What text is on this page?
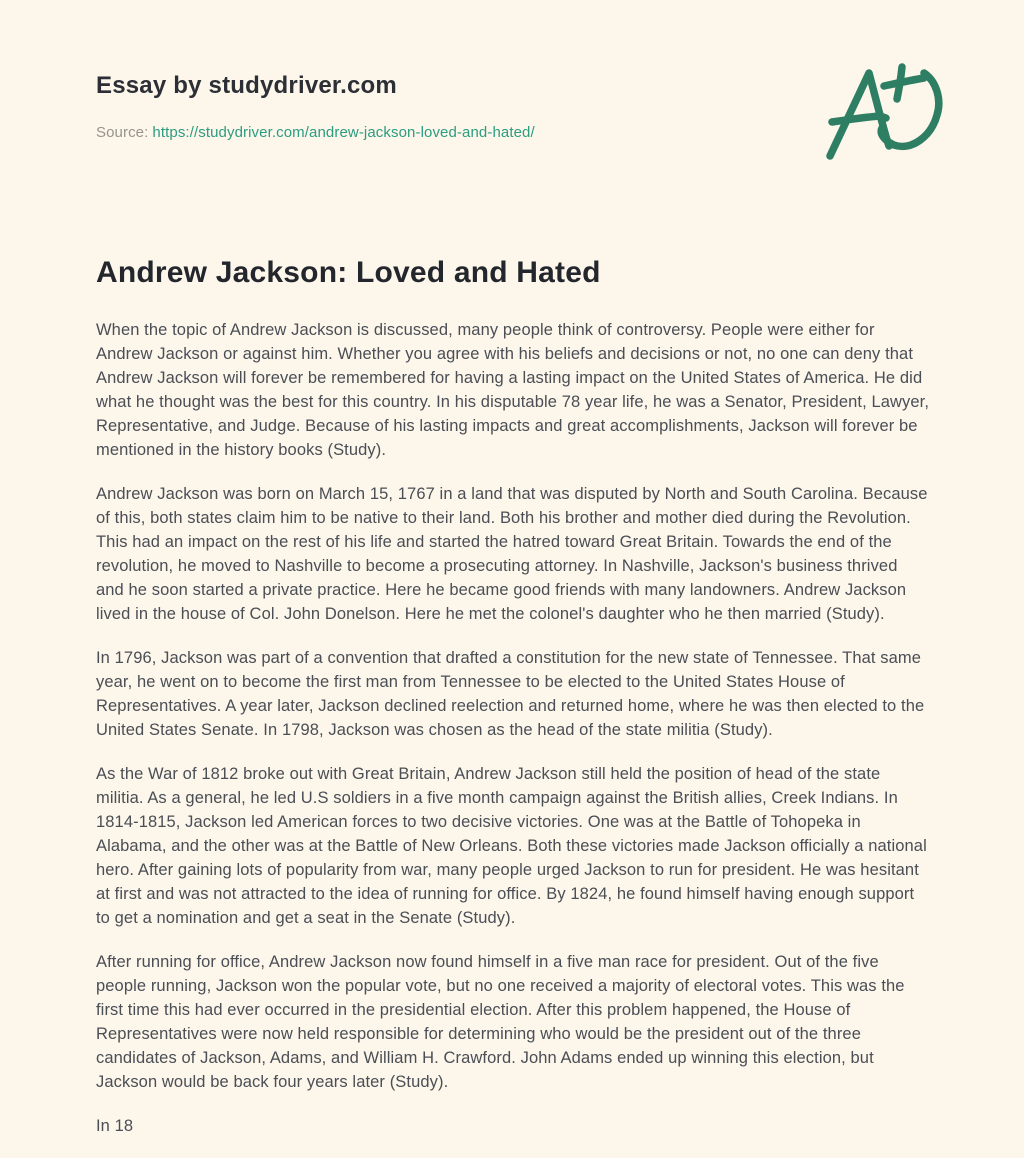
Essay by studydriver.com
Source: https://studydriver.com/andrew-jackson-loved-and-hated/
Andrew Jackson: Loved and Hated

When the topic of Andrew Jackson is discussed, many people think of controversy. People were either for Andrew Jackson or against him. Whether you agree with his beliefs and decisions or not, no one can deny that Andrew Jackson will forever be remembered for having a lasting impact on the United States of America. He did what he thought was the best for this country. In his disputable 78 year life, he was a Senator, President, Lawyer, Representative, and Judge. Because of his lasting impacts and great accomplishments, Jackson will forever be mentioned in the history books (Study).

Andrew Jackson was born on March 15, 1767 in a land that was disputed by North and South Carolina. Because of this, both states claim him to be native to their land. Both his brother and mother died during the Revolution. This had an impact on the rest of his life and started the hatred toward Great Britain. Towards the end of the revolution, he moved to Nashville to become a prosecuting attorney. In Nashville, Jackson's business thrived and he soon started a private practice. Here he became good friends with many landowners. Andrew Jackson lived in the house of Col. John Donelson. Here he met the colonel's daughter who he then married (Study).

In 1796, Jackson was part of a convention that drafted a constitution for the new state of Tennessee. That same year, he went on to become the first man from Tennessee to be elected to the United States House of Representatives. A year later, Jackson declined reelection and returned home, where he was then elected to the United States Senate. In 1798, Jackson was chosen as the head of the state militia (Study).

As the War of 1812 broke out with Great Britain, Andrew Jackson still held the position of head of the state militia. As a general, he led U.S soldiers in a five month campaign against the British allies, Creek Indians. In 1814-1815, Jackson led American forces to two decisive victories. One was at the Battle of Tohopeka in Alabama, and the other was at the Battle of New Orleans. Both these victories made Jackson officially a national hero. After gaining lots of popularity from war, many people urged Jackson to run for president. He was hesitant at first and was not attracted to the idea of running for office. By 1824, he found himself having enough support to get a nomination and get a seat in the Senate (Study).

After running for office, Andrew Jackson now found himself in a five man race for president. Out of the five people running, Jackson won the popular vote, but no one received a majority of electoral votes. This was the first time this had ever occurred in the presidential election. After this problem happened, the House of Representatives were now held responsible for determining who would be the president out of the three candidates of Jackson, Adams, and William H. Crawford. John Adams ended up winning this election, but Jackson would be back four years later (Study).

In 18
